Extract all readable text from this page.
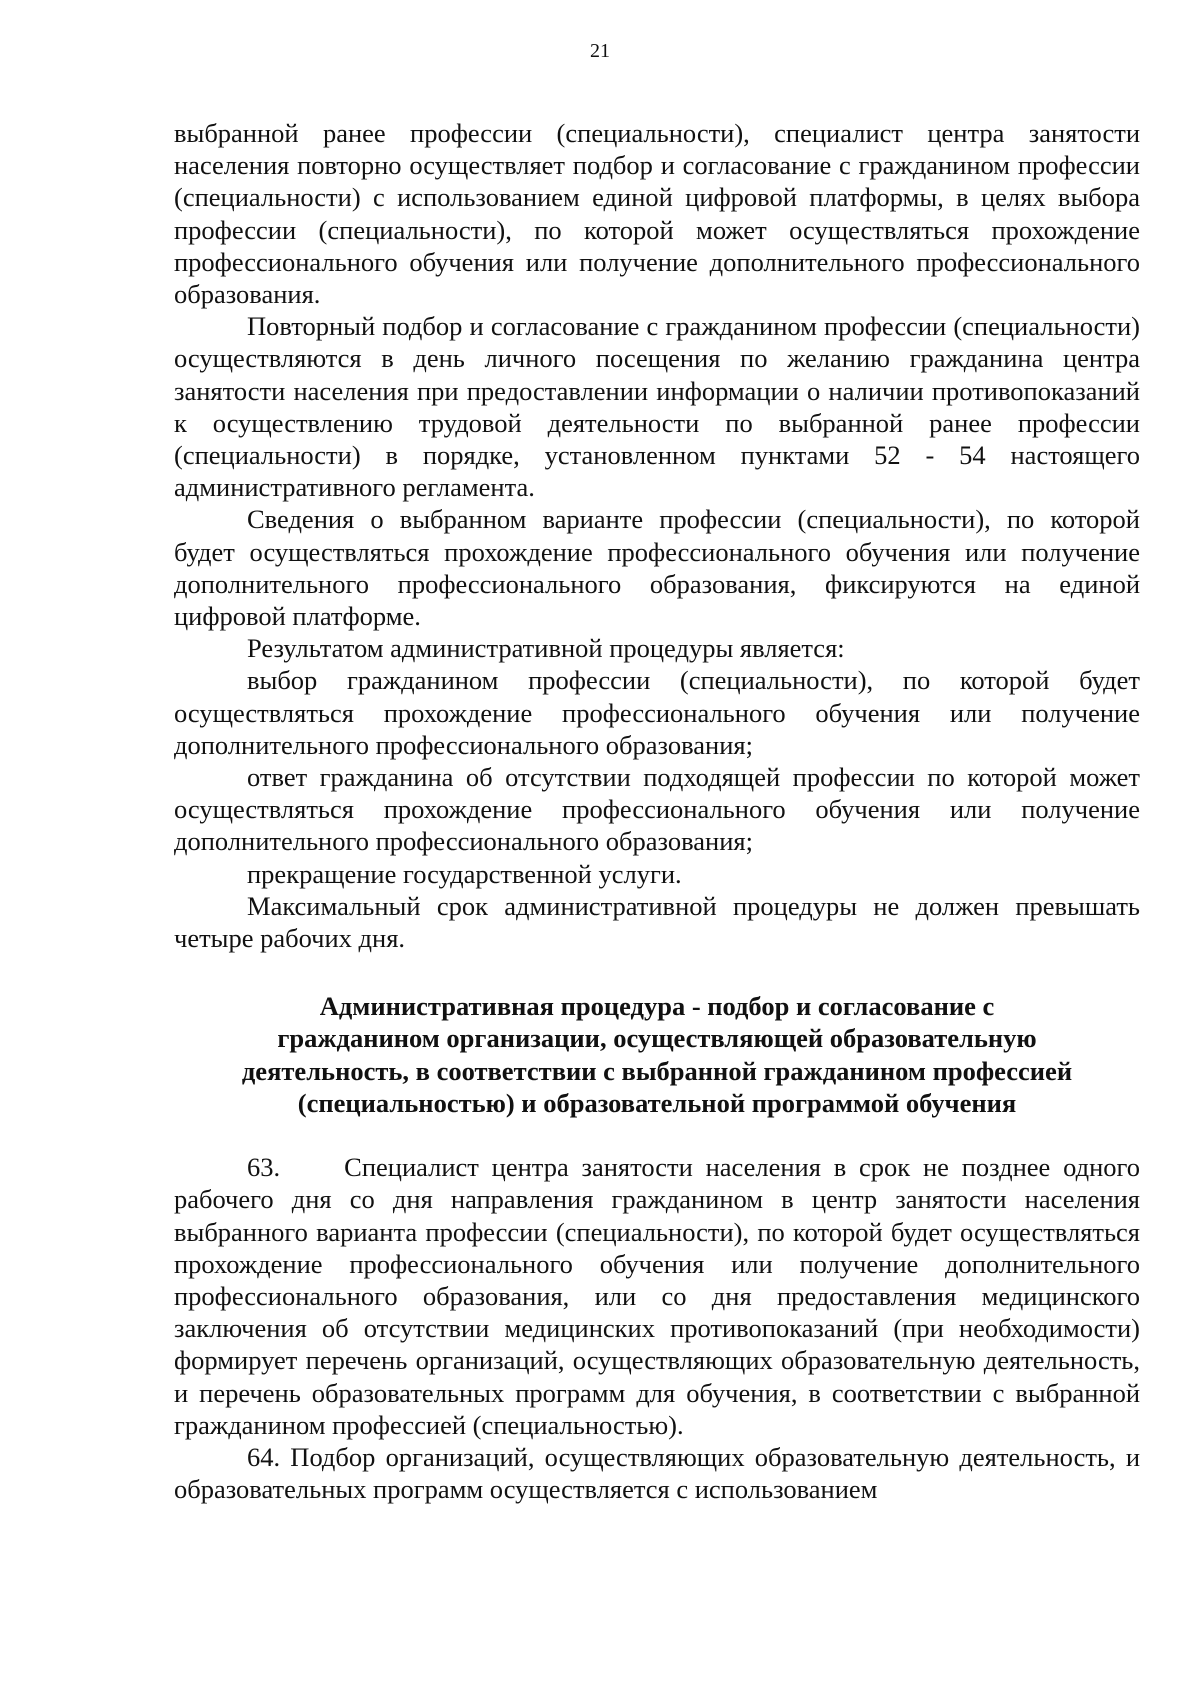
21

выбранной ранее профессии (специальности), специалист центра занятости населения повторно осуществляет подбор и согласование с гражданином профессии (специальности) с использованием единой цифровой платформы, в целях выбора профессии (специальности), по которой может осуществляться прохождение профессионального обучения или получение дополнительного профессионального образования.

Повторный подбор и согласование с гражданином профессии (специальности) осуществляются в день личного посещения по желанию гражданина центра занятости населения при предоставлении информации о наличии противопоказаний к осуществлению трудовой деятельности по выбранной ранее профессии (специальности) в порядке, установленном пунктами 52 - 54 настоящего административного регламента.

Сведения о выбранном варианте профессии (специальности), по которой будет осуществляться прохождение профессионального обучения или получение дополнительного профессионального образования, фиксируются на единой цифровой платформе.

Результатом административной процедуры является:

выбор гражданином профессии (специальности), по которой будет осуществляться прохождение профессионального обучения или получение дополнительного профессионального образования;

ответ гражданина об отсутствии подходящей профессии по которой может осуществляться прохождение профессионального обучения или получение дополнительного профессионального образования;

прекращение государственной услуги.

Максимальный срок административной процедуры не должен превышать четыре рабочих дня.

Административная процедура - подбор и согласование с
гражданином организации, осуществляющей образовательную
деятельность, в соответствии с выбранной гражданином профессией
(специальностью) и образовательной программой обучения

63.     Специалист центра занятости населения в срок не позднее одного рабочего дня со дня направления гражданином в центр занятости населения выбранного варианта профессии (специальности), по которой будет осуществляться прохождение профессионального обучения или получение дополнительного профессионального образования, или со дня предоставления медицинского заключения об отсутствии медицинских противопоказаний (при необходимости) формирует перечень организаций, осуществляющих образовательную деятельность, и перечень образовательных программ для обучения, в соответствии с выбранной гражданином профессией (специальностью).

64. Подбор организаций, осуществляющих образовательную деятельность, и образовательных программ осуществляется с использованием
